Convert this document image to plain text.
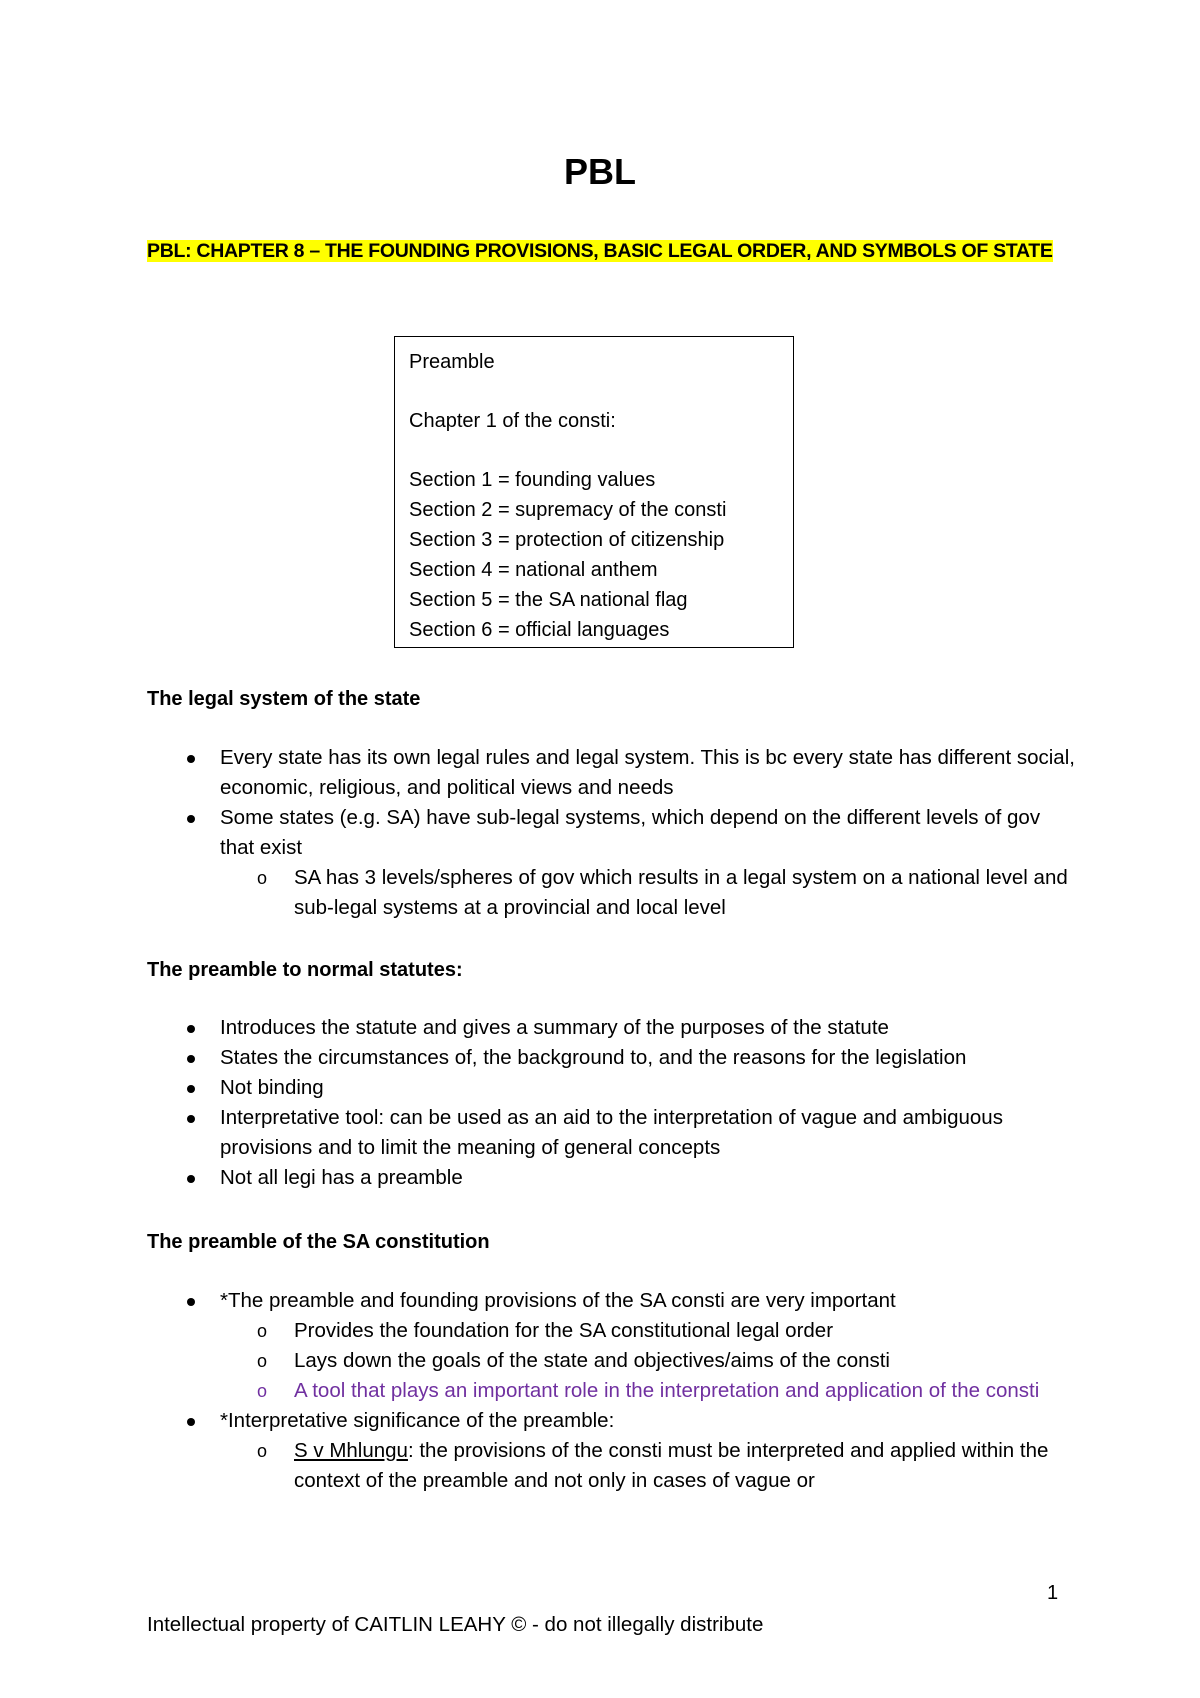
PBL
PBL: CHAPTER 8 – THE FOUNDING PROVISIONS, BASIC LEGAL ORDER, AND SYMBOLS OF STATE
Preamble
Chapter 1 of the consti:
Section 1 = founding values
Section 2 = supremacy of the consti
Section 3 = protection of citizenship
Section 4 = national anthem
Section 5 = the SA national flag
Section 6 = official languages
The legal system of the state
Every state has its own legal rules and legal system. This is bc every state has different social, economic, religious, and political views and needs
Some states (e.g. SA) have sub-legal systems, which depend on the different levels of gov that exist
o SA has 3 levels/spheres of gov which results in a legal system on a national level and sub-legal systems at a provincial and local level
The preamble to normal statutes:
Introduces the statute and gives a summary of the purposes of the statute
States the circumstances of, the background to, and the reasons for the legislation
Not binding
Interpretative tool: can be used as an aid to the interpretation of vague and ambiguous provisions and to limit the meaning of general concepts
Not all legi has a preamble
The preamble of the SA constitution
*The preamble and founding provisions of the SA consti are very important
o Provides the foundation for the SA constitutional legal order
o Lays down the goals of the state and objectives/aims of the consti
o A tool that plays an important role in the interpretation and application of the consti
*Interpretative significance of the preamble:
o S v Mhlungu: the provisions of the consti must be interpreted and applied within the context of the preamble and not only in cases of vague or
1
Intellectual property of CAITLIN LEAHY © - do not illegally distribute
